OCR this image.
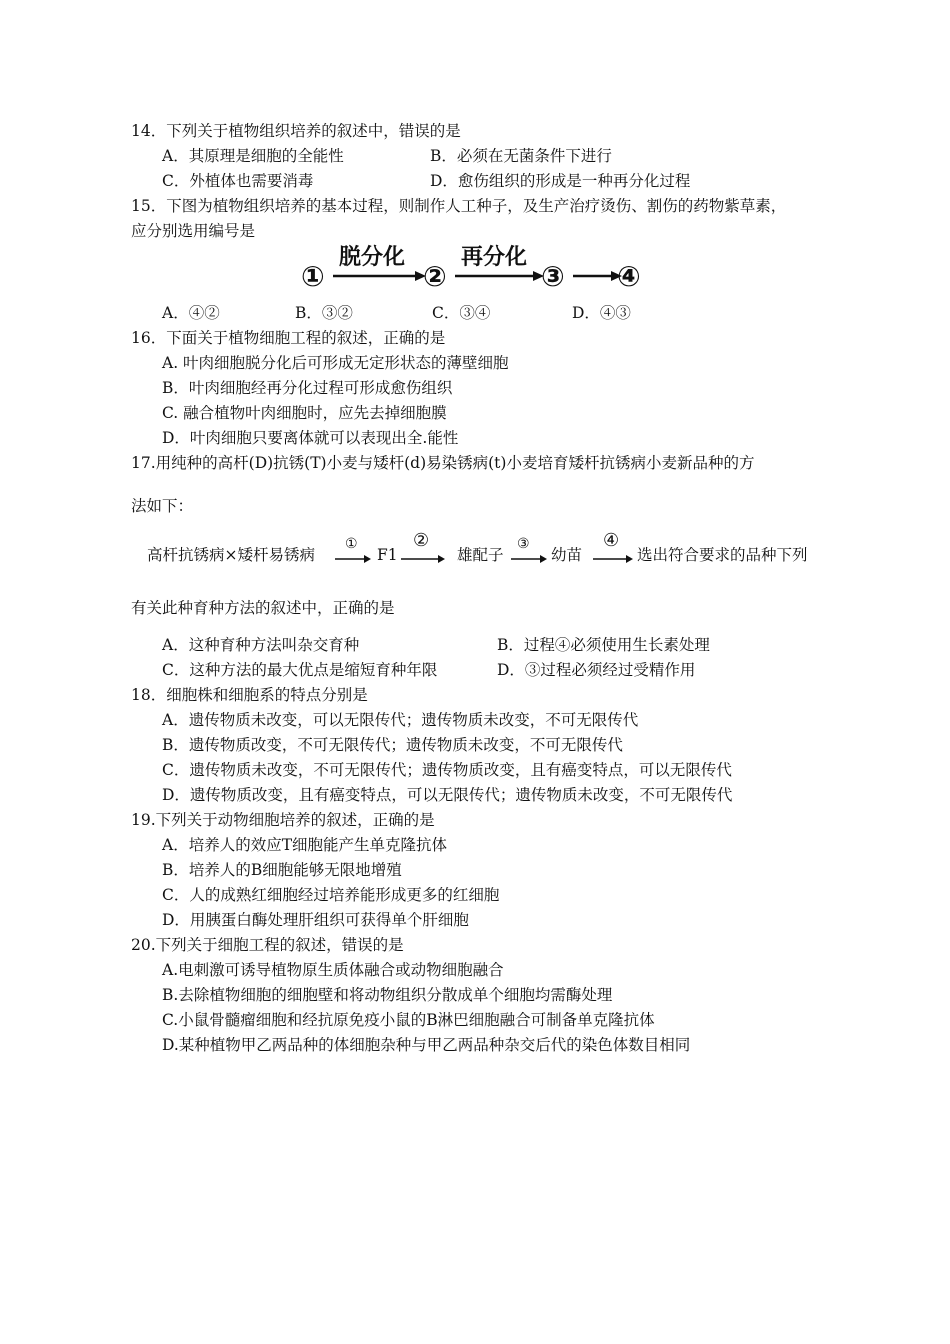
14．下列关于植物组织培养的叙述中，错误的是
A．其原理是细胞的全能性	B．必须在无菌条件下进行
C．外植体也需要消毒	D．愈伤组织的形成是一种再分化过程
15．下图为植物组织培养的基本过程，则制作人工种子，及生产治疗烫伤、割伤的药物紫草素，
应分别选用编号是
①
脱分化
②
再分化
③ ④
A．④②	B．③②	C．③④	D．④③
16．下面关于植物细胞工程的叙述，正确的是
A. 叶肉细胞脱分化后可形成无定形状态的薄壁细胞
B．叶肉细胞经再分化过程可形成愈伤组织
C. 融合植物叶肉细胞时，应先去掉细胞膜
D．叶肉细胞只要离体就可以表现出全.能性
17.用纯种的高杆(D)抗锈(T)小麦与矮杆(d)易染锈病(t)小麦培育矮杆抗锈病小麦新品种的方
法如下：
高杆抗锈病×矮杆易锈病
①
F1
②
雄配子
③
幼苗
④
选出符合要求的品种下列
有关此种育种方法的叙述中，正确的是
A．这种育种方法叫杂交育种	B．过程④必须使用生长素处理
C．这种方法的最大优点是缩短育种年限	D．③过程必须经过受精作用
18．细胞株和细胞系的特点分别是
A．遗传物质未改变，可以无限传代；遗传物质未改变，不可无限传代
B．遗传物质改变，不可无限传代；遗传物质未改变，不可无限传代
C．遗传物质未改变，不可无限传代；遗传物质改变，且有癌变特点，可以无限传代
D．遗传物质改变，且有癌变特点，可以无限传代；遗传物质未改变，不可无限传代
19.下列关于动物细胞培养的叙述，正确的是
A．培养人的效应T细胞能产生单克隆抗体
B．培养人的B细胞能够无限地增殖
C．人的成熟红细胞经过培养能形成更多的红细胞
D．用胰蛋白酶处理肝组织可获得单个肝细胞
20.下列关于细胞工程的叙述，错误的是
A.电刺激可诱导植物原生质体融合或动物细胞融合
B.去除植物细胞的细胞壁和将动物组织分散成单个细胞均需酶处理
C.小鼠骨髓瘤细胞和经抗原免疫小鼠的B淋巴细胞融合可制备单克隆抗体
D.某种植物甲乙两品种的体细胞杂种与甲乙两品种杂交后代的染色体数目相同
